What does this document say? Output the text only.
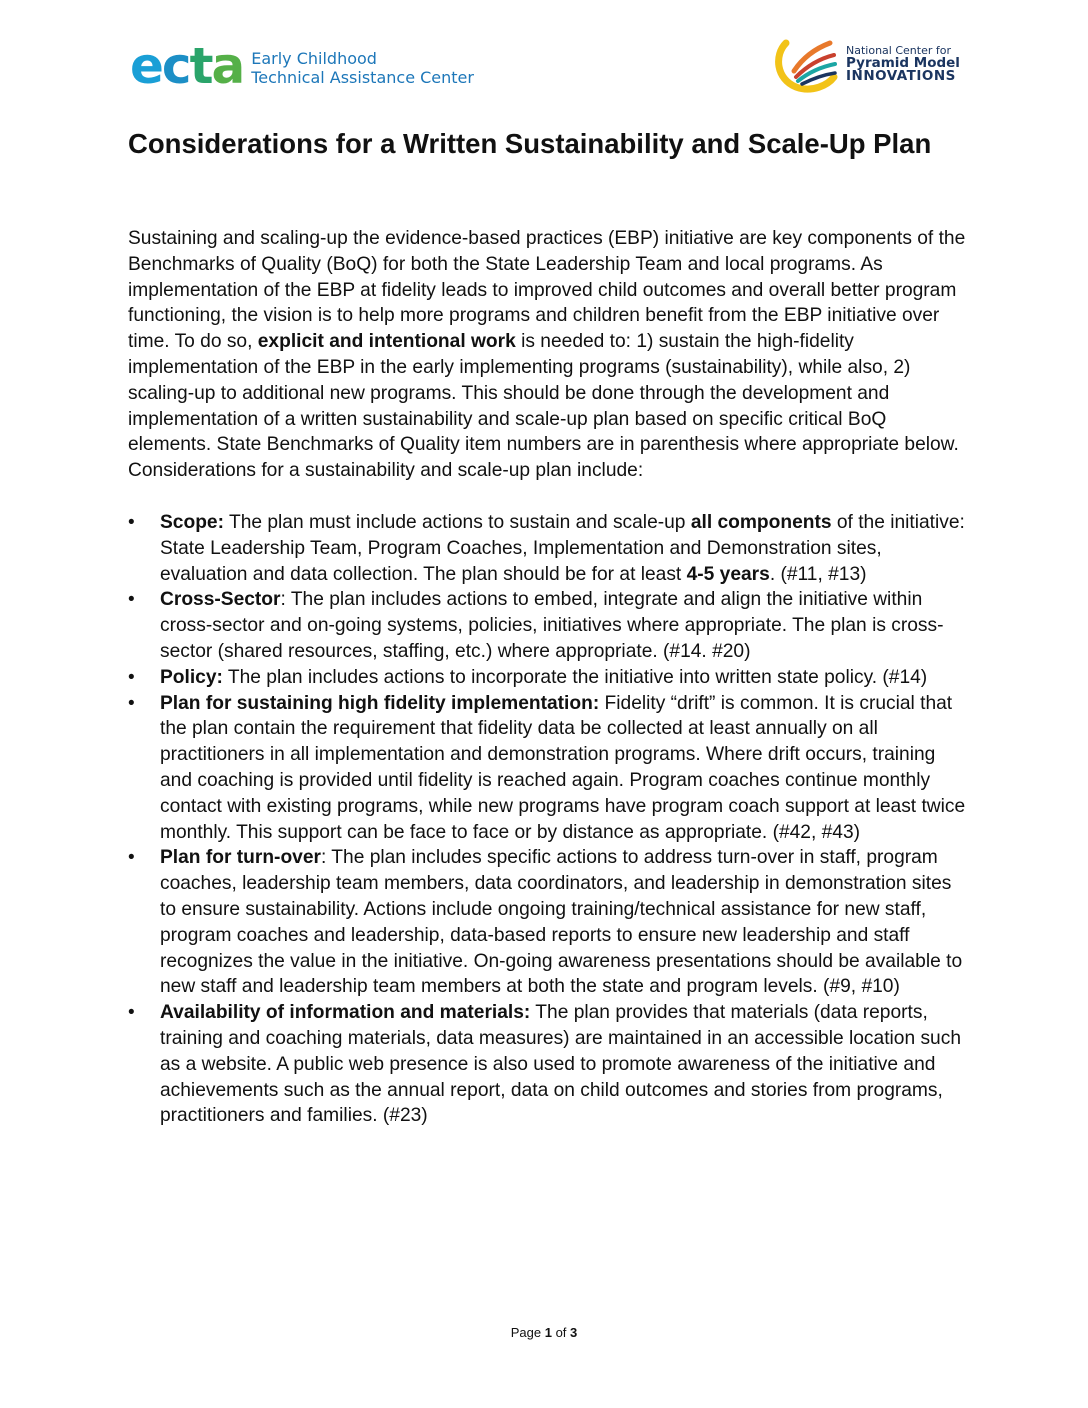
ecta Early Childhood
Technical Assistance Center
National Center for
Pyramid Model
INNOVATIONS
Considerations for a Written Sustainability and Scale-Up Plan

Sustaining and scaling-up the evidence-based practices (EBP) initiative are key components of the Benchmarks of Quality (BoQ) for both the State Leadership Team and local programs. As implementation of the EBP at fidelity leads to improved child outcomes and overall better program functioning, the vision is to help more programs and children benefit from the EBP initiative over time. To do so, explicit and intentional work is needed to: 1) sustain the high-fidelity implementation of the EBP in the early implementing programs (sustainability), while also, 2) scaling-up to additional new programs. This should be done through the development and implementation of a written sustainability and scale-up plan based on specific critical BoQ elements. State Benchmarks of Quality item numbers are in parenthesis where appropriate below. Considerations for a sustainability and scale-up plan include:

• Scope: The plan must include actions to sustain and scale-up all components of the initiative: State Leadership Team, Program Coaches, Implementation and Demonstration sites, evaluation and data collection. The plan should be for at least 4-5 years. (#11, #13)
• Cross-Sector: The plan includes actions to embed, integrate and align the initiative within cross-sector and on-going systems, policies, initiatives where appropriate. The plan is cross-sector (shared resources, staffing, etc.) where appropriate. (#14. #20)
• Policy: The plan includes actions to incorporate the initiative into written state policy. (#14)
• Plan for sustaining high fidelity implementation: Fidelity “drift” is common. It is crucial that the plan contain the requirement that fidelity data be collected at least annually on all practitioners in all implementation and demonstration programs. Where drift occurs, training and coaching is provided until fidelity is reached again. Program coaches continue monthly contact with existing programs, while new programs have program coach support at least twice monthly. This support can be face to face or by distance as appropriate. (#42, #43)
• Plan for turn-over: The plan includes specific actions to address turn-over in staff, program coaches, leadership team members, data coordinators, and leadership in demonstration sites to ensure sustainability. Actions include ongoing training/technical assistance for new staff, program coaches and leadership, data-based reports to ensure new leadership and staff recognizes the value in the initiative. On-going awareness presentations should be available to new staff and leadership team members at both the state and program levels. (#9, #10)
• Availability of information and materials: The plan provides that materials (data reports, training and coaching materials, data measures) are maintained in an accessible location such as a website. A public web presence is also used to promote awareness of the initiative and achievements such as the annual report, data on child outcomes and stories from programs, practitioners and families. (#23)
Page 1 of 3
